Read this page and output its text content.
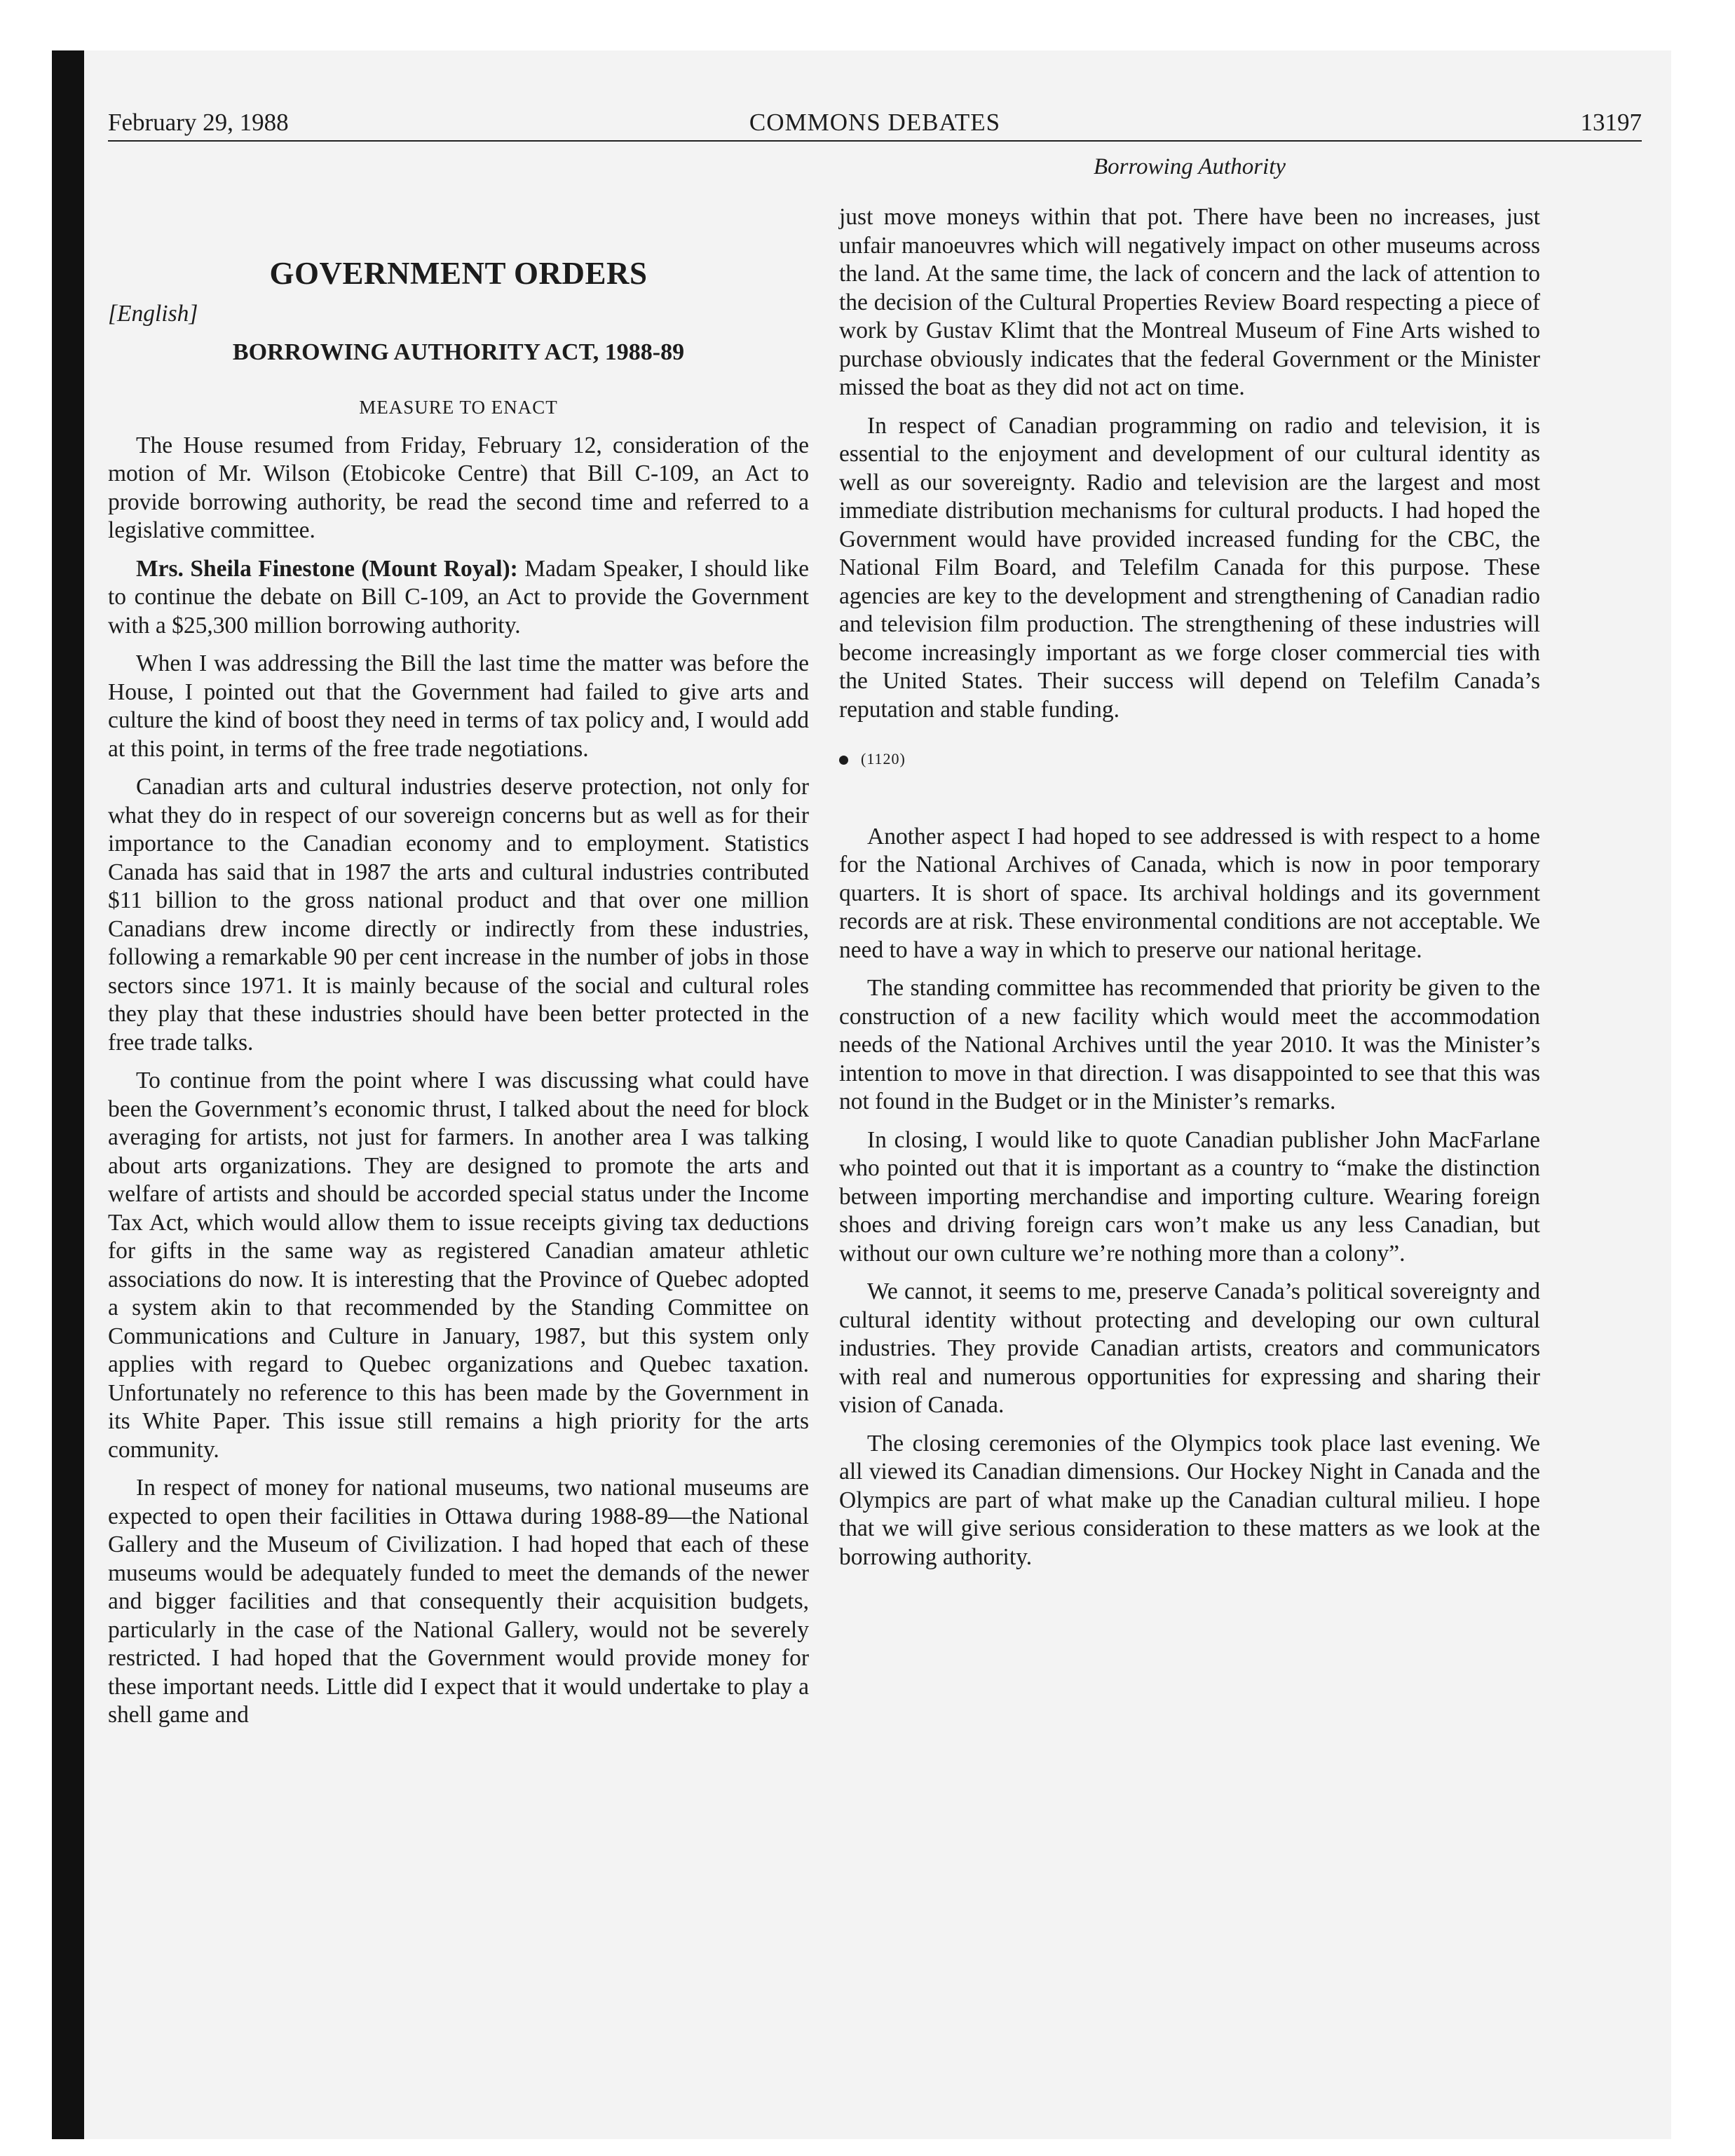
February 29, 1988	COMMONS DEBATES	13197
Borrowing Authority
GOVERNMENT ORDERS

[English]

BORROWING AUTHORITY ACT, 1988-89
MEASURE TO ENACT

The House resumed from Friday, February 12, consideration of the motion of Mr. Wilson (Etobicoke Centre) that Bill C-109, an Act to provide borrowing authority, be read the second time and referred to a legislative committee.

Mrs. Sheila Finestone (Mount Royal): Madam Speaker, I should like to continue the debate on Bill C-109, an Act to provide the Government with a $25,300 million borrowing authority.

When I was addressing the Bill the last time the matter was before the House, I pointed out that the Government had failed to give arts and culture the kind of boost they need in terms of tax policy and, I would add at this point, in terms of the free trade negotiations.

Canadian arts and cultural industries deserve protection, not only for what they do in respect of our sovereign concerns but as well as for their importance to the Canadian economy and to employment. Statistics Canada has said that in 1987 the arts and cultural industries contributed $11 billion to the gross national product and that over one million Canadians drew income directly or indirectly from these industries, following a remarkable 90 per cent increase in the number of jobs in those sectors since 1971. It is mainly because of the social and cultural roles they play that these industries should have been better protected in the free trade talks.

To continue from the point where I was discussing what could have been the Government’s economic thrust, I talked about the need for block averaging for artists, not just for farmers. In another area I was talking about arts organizations. They are designed to promote the arts and welfare of artists and should be accorded special status under the Income Tax Act, which would allow them to issue receipts giving tax deductions for gifts in the same way as registered Canadian amateur athletic associations do now. It is interesting that the Province of Quebec adopted a system akin to that recommended by the Standing Committee on Communications and Culture in January, 1987, but this system only applies with regard to Quebec organizations and Quebec taxation. Unfortunately no reference to this has been made by the Government in its White Paper. This issue still remains a high priority for the arts community.

In respect of money for national museums, two national museums are expected to open their facilities in Ottawa during 1988-89—the National Gallery and the Museum of Civilization. I had hoped that each of these museums would be adequately funded to meet the demands of the newer and bigger facilities and that consequently their acquisition budgets, particularly in the case of the National Gallery, would not be severely restricted. I had hoped that the Government would provide money for these important needs. Little did I expect that it would undertake to play a shell game and

just move moneys within that pot. There have been no increases, just unfair manoeuvres which will negatively impact on other museums across the land. At the same time, the lack of concern and the lack of attention to the decision of the Cultural Properties Review Board respecting a piece of work by Gustav Klimt that the Montreal Museum of Fine Arts wished to purchase obviously indicates that the federal Government or the Minister missed the boat as they did not act on time.

In respect of Canadian programming on radio and television, it is essential to the enjoyment and development of our cultural identity as well as our sovereignty. Radio and television are the largest and most immediate distribution mechanisms for cultural products. I had hoped the Government would have provided increased funding for the CBC, the National Film Board, and Telefilm Canada for this purpose. These agencies are key to the development and strengthening of Canadian radio and television film production. The strengthening of these industries will become increasingly important as we forge closer commercial ties with the United States. Their success will depend on Telefilm Canada’s reputation and stable funding.

(1120)

Another aspect I had hoped to see addressed is with respect to a home for the National Archives of Canada, which is now in poor temporary quarters. It is short of space. Its archival holdings and its government records are at risk. These environmental conditions are not acceptable. We need to have a way in which to preserve our national heritage.

The standing committee has recommended that priority be given to the construction of a new facility which would meet the accommodation needs of the National Archives until the year 2010. It was the Minister’s intention to move in that direction. I was disappointed to see that this was not found in the Budget or in the Minister’s remarks.

In closing, I would like to quote Canadian publisher John MacFarlane who pointed out that it is important as a country to “make the distinction between importing merchandise and importing culture. Wearing foreign shoes and driving foreign cars won’t make us any less Canadian, but without our own culture we’re nothing more than a colony”.

We cannot, it seems to me, preserve Canada’s political sovereignty and cultural identity without protecting and developing our own cultural industries. They provide Canadian artists, creators and communicators with real and numerous opportunities for expressing and sharing their vision of Canada.

The closing ceremonies of the Olympics took place last evening. We all viewed its Canadian dimensions. Our Hockey Night in Canada and the Olympics are part of what make up the Canadian cultural milieu. I hope that we will give serious consideration to these matters as we look at the borrowing authority.
